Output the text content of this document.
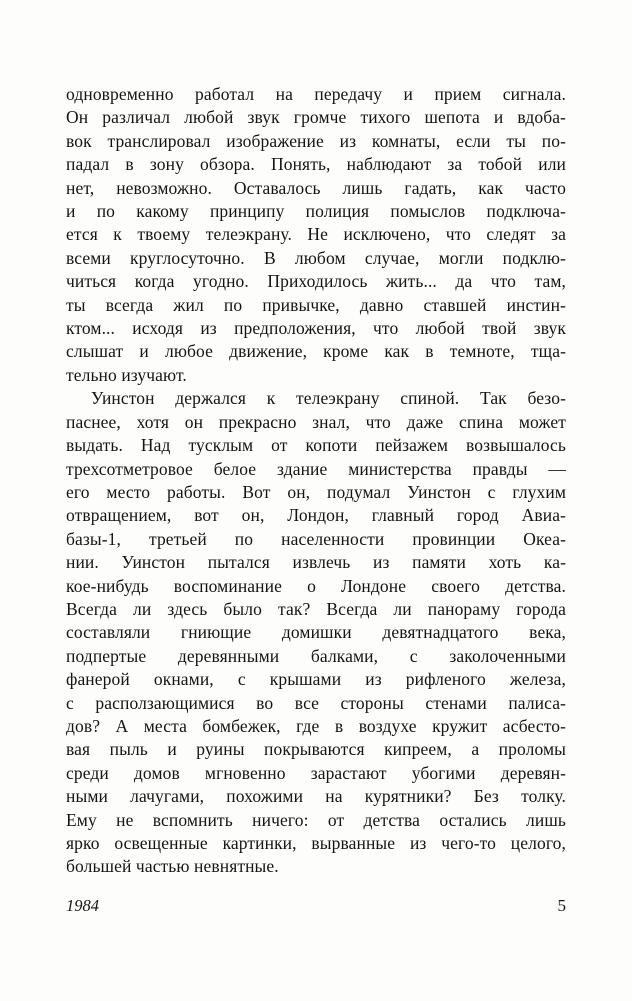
одновременно работал на передачу и прием сигнала.
Он различал любой звук громче тихого шепота и вдоба-
вок транслировал изображение из комнаты, если ты по-
падал в зону обзора. Понять, наблюдают за тобой или
нет, невозможно. Оставалось лишь гадать, как часто
и по какому принципу полиция помыслов подключа-
ется к твоему телеэкрану. Не исключено, что следят за
всеми круглосуточно. В любом случае, могли подклю-
читься когда угодно. Приходилось жить... да что там,
ты всегда жил по привычке, давно ставшей инстин-
ктом... исходя из предположения, что любой твой звук
слышат и любое движение, кроме как в темноте, тща-
тельно изучают.
Уинстон держался к телеэкрану спиной. Так безо-
паснее, хотя он прекрасно знал, что даже спина может
выдать. Над тусклым от копоти пейзажем возвышалось
трехсотметровое белое здание министерства правды —
его место работы. Вот он, подумал Уинстон с глухим
отвращением, вот он, Лондон, главный город Авиа-
базы-1, третьей по населенности провинции Океа-
нии. Уинстон пытался извлечь из памяти хоть ка-
кое-нибудь воспоминание о Лондоне своего детства.
Всегда ли здесь было так? Всегда ли панораму города
составляли гниющие домишки девятнадцатого века,
подпертые деревянными балками, с заколоченными
фанерой окнами, с крышами из рифленого железа,
с расползающимися во все стороны стенами палиса-
дов? А места бомбежек, где в воздухе кружит асбесто-
вая пыль и руины покрываются кипреем, а проломы
среди домов мгновенно зарастают убогими деревян-
ными лачугами, похожими на курятники? Без толку.
Ему не вспомнить ничего: от детства остались лишь
ярко освещенные картинки, вырванные из чего-то целого,
большей частью невнятные.
1984	5
